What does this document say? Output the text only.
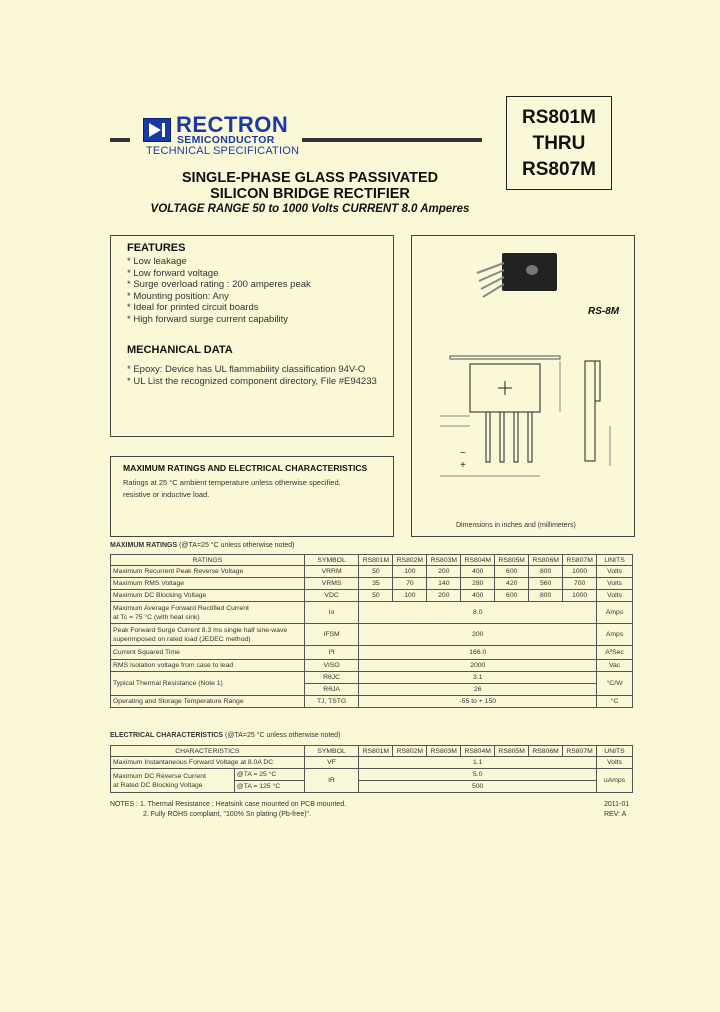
RECTRON
SEMICONDUCTOR
TECHNICAL SPECIFICATION
RS801M
THRU
RS807M
SINGLE-PHASE GLASS PASSIVATED
SILICON BRIDGE RECTIFIER
VOLTAGE RANGE 50 to 1000 Volts CURRENT 8.0 Amperes
FEATURES
* Low leakage
* Low forward voltage
* Surge overload rating : 200 amperes peak
* Mounting position: Any
* Ideal for printed circuit boards
* High forward surge current capability
MECHANICAL DATA
* Epoxy: Device has UL flammability classification 94V-O
* UL List the recognized component directory, File #E94233
RS-8M
~
+
Dimensions in inches and (millimeters)
MAXIMUM RATINGS AND ELECTRICAL CHARACTERISTICS
Ratings at 25 °C ambient temperature unless otherwise specified.
resistive or inductive load.
MAXIMUM RATINGS (@TA=25 °C unless otherwise noted)
RATINGS	SYMBOL	RS801M	RS802M	RS803M	RS804M	RS805M	RS806M	RS807M	UNITS
Maximum Recurrent Peak Reverse Voltage	VRRM	50	100	200	400	600	800	1000	Volts
Maximum RMS Voltage	VRMS	35	70	140	280	420	560	700	Volts
Maximum DC Blocking Voltage	VDC	50	100	200	400	600	800	1000	Volts

Maximum Average Forward Rectified Current
at Tc = 75 °C (with heat sink)	Io	8.0							Amps

Peak Forward Surge Current 8.3 ms single half sine-wave
superimposed on rated load (JEDEC method)	IFSM	200							Amps
Current Squared Time	I²t	166.0							A²Sec
RMS Isolation voltage from case to lead	VISO	2000							Vac
Typical Thermal Resistance (Note 1)	RθJC	3.1							°C/W
	RθJA	26							
Operating and Storage Temperature Range	TJ, TSTG	-55 to + 150							°C
ELECTRICAL CHARACTERISTICS (@TA=25 °C unless otherwise noted)
CHARACTERISTICS		SYMBOL	RS801M	RS802M	RS803M	RS804M	RS805M	RS806M	RS807M	UNITS
Maximum Instantaneous Forward Voltage at 8.0A DC		VF	1.1							Volts

Maximum DC Reverse Current
at Rated DC Blocking Voltage	@TA = 25 °C	IR	5.0							uAmps
	@TA = 125 °C		500							
NOTES : 1. Thermal Resistance : Heatsink case mounted on PCB mounted.
2. Fully ROHS compliant, "100% Sn plating (Pb-free)".
2011-01
REV: A
